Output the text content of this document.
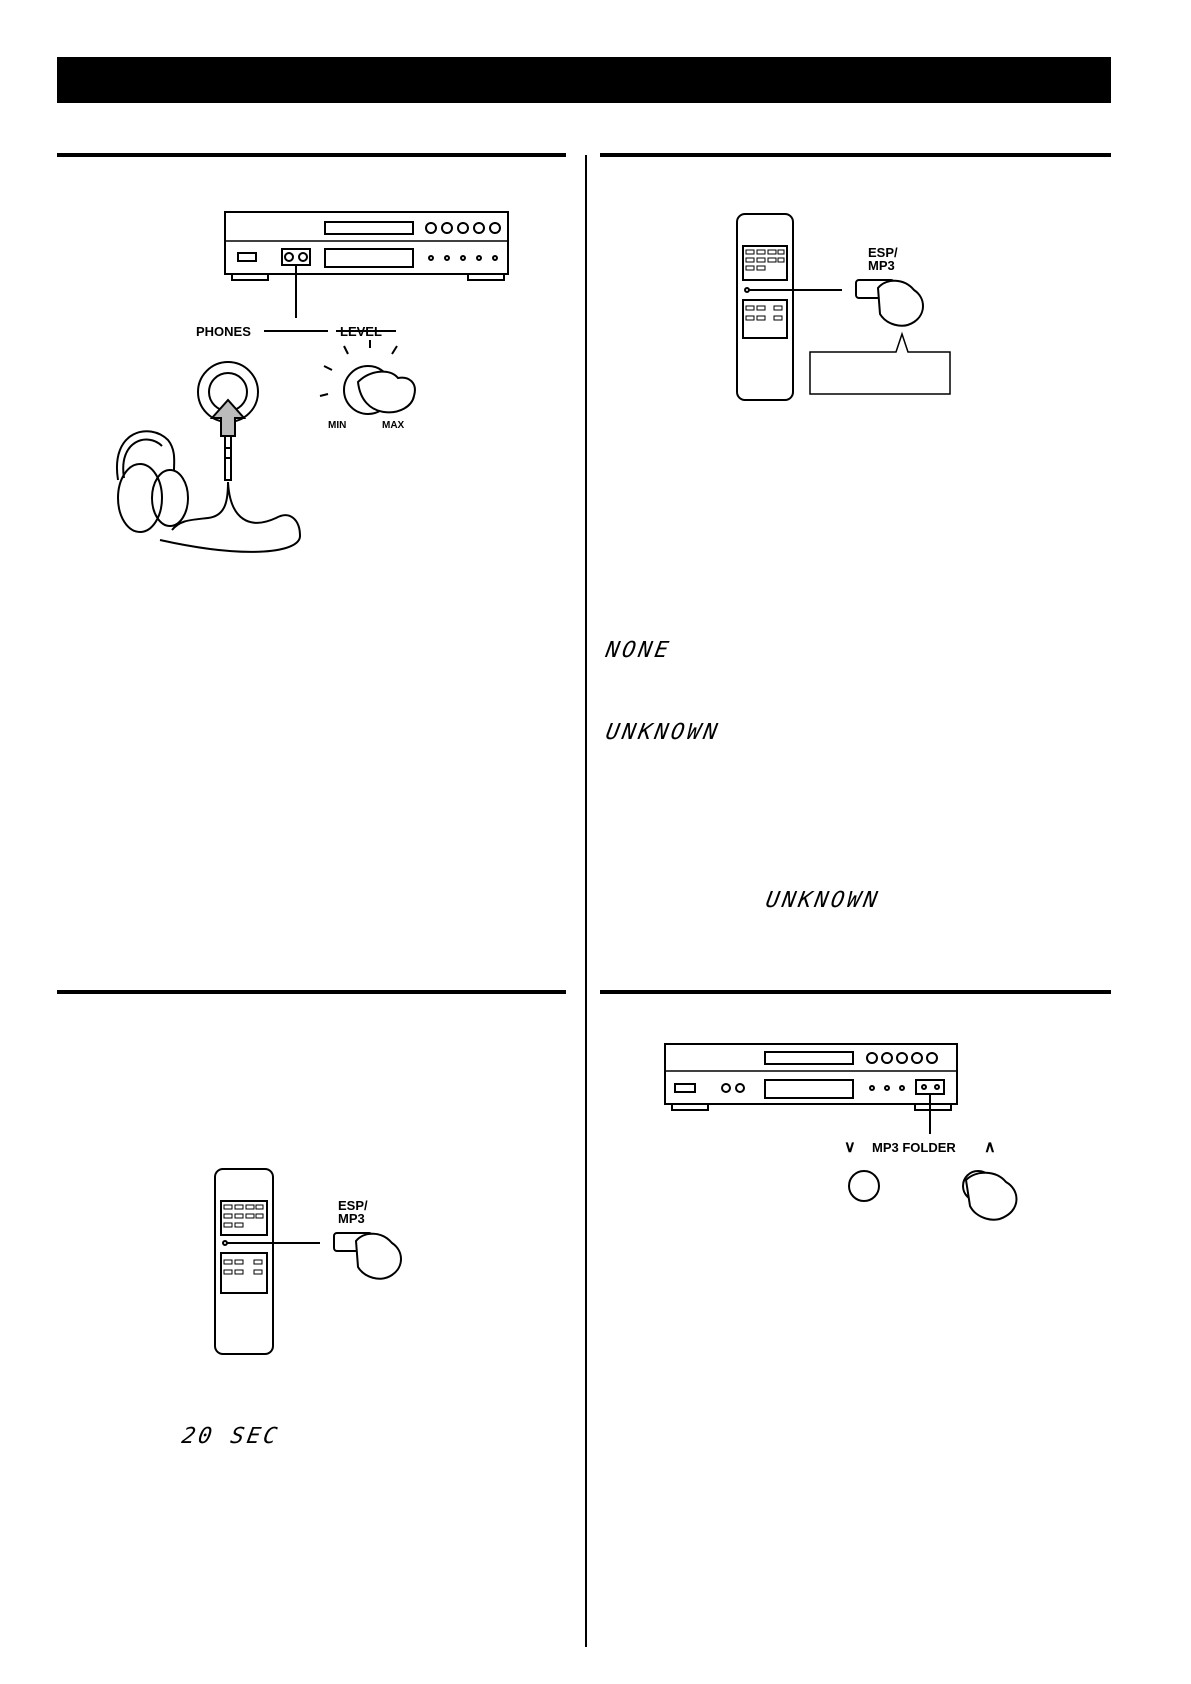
PHONES	LEVEL
MIN	MAX
ESP/
MP3
NONE
UNKNOWN
UNKNOWN
ESP/
MP3
20 SEC
∨ MP3 FOLDER ∧
